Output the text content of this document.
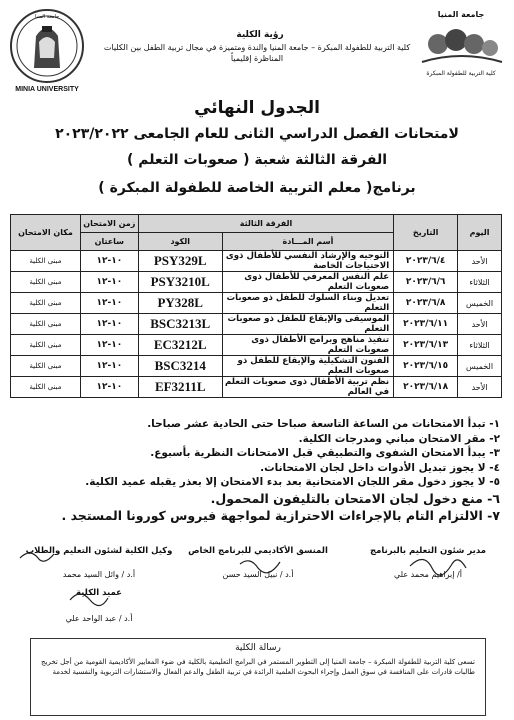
MINIA UNIVERSITY
جامعة المنيا	جامعة المنيا
كلية التربية للطفولة المبكرة
رؤية الكلية
كلية التربية للطفولة المبكرة – جامعة المنيا والندة ومتميزة في مجال تربية الطفل بين الكليات المناظرة إقليمياً
الجدول النهائي
لامتحانات الفصل الدراسي الثانى للعام الجامعى ٢٠٢٣/٢٠٢٢
الفرقة الثالثة شعبة ( صعوبات التعلم )
برنامج( معلم التربية الخاصة للطفولة المبكرة )
اليوم	التاريخ	الفرقة الثالثة		زمن الامتحان	مكان الامتحان
		أسم المـــادة	الكود	ساعتان	
الأحد	٢٠٢٣/٦/٤	التوجيه والإرشاد النفسي للأطفال ذوى الاحتياجات الخاصة	PSY329L	١٠-١٢	مبنى الكلية
الثلاثاء	٢٠٢٣/٦/٦	علم النفس المعرفي للأطفال ذوى صعوبات التعلم	PSY3210L	١٠-١٢	مبنى الكلية
الخميس	٢٠٢٣/٦/٨	تعديل وبناء السلوك للطفل ذو صعوبات التعلم	PY328L	١٠-١٢	مبنى الكلية
الأحد	٢٠٢٣/٦/١١	الموسيقى والإيقاع للطفل ذو صعوبات التعلم	BSC3213L	١٠-١٢	مبنى الكلية
الثلاثاء	٢٠٢٣/٦/١٣	تنفيذ مناهج وبرامج الأطفال ذوى صعوبات التعلم	EC3212L	١٠-١٢	مبنى الكلية
الخميس	٢٠٢٣/٦/١٥	الفنون التشكيلية والإيقاع للطفل ذو صعوبات التعلم	BSC3214	١٠-١٢	مبنى الكلية
الأحد	٢٠٢٣/٦/١٨	نظم تربية الأطفال ذوى صعوبات التعلم في العالم	EF3211L	١٠-١٢	مبنى الكلية
١- تبدأ الامتحانات من الساعة التاسعة صباحا حتى الحادية عشر صباحا.
٢- مقر الامتحان مباني ومدرجات الكلية.
٣- يبدأ الامتحان الشفوى والتطبيقي قبل الامتحانات النظرية بأسبوع.
٤- لا يجوز تبديل الأدوات داخل لجان الامتحانات.
٥- لا يجوز دخول مقر اللجان الامتحانية بعد بدء الامتحان إلا بعذر يقبله عميد الكلية.
٦- منع دخول لجان الامتحان بالتليفون المحمول.
٧- الالتزام التام بالإجراءات الاحترازية لمواجهة فيروس كورونا المستجد .
مدير شئون التعليم بالبرنامج
أ/ إبراهيم محمد علي
المنسق الأكاديمي للبرنامج الخاص
أ.د / نبيل السيد حسن
وكيل الكلية لشئون التعليم والطلاب
أ.د / وائل السيد محمد
عميد الكلية
أ.د / عبد الواحد علي
رسالة الكلية
تسعى كلية التربية للطفولة المبكرة – جامعة المنيا إلى التطوير المستمر في البرامج التعليمية بالكلية في ضوء المعايير الأكاديمية القومية من أجل تخريج طالبات قادرات على المنافسة في سوق العمل وإجراء البحوث العلمية الرائدة في تربية الطفل والدعم الفعال والاستشارات التربوية والنفسية لخدمة
